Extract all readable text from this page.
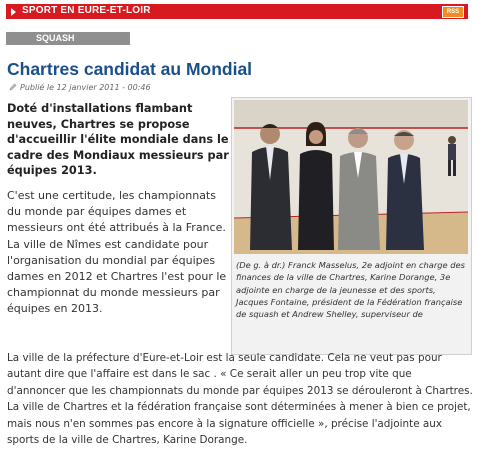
SPORT EN EURE-ET-LOIR	RSS
SQUASH
Chartres candidat au Mondial
Publié le 12 janvier 2011 - 00:46
Doté d'installations flambant neuves, Chartres se propose d'accueillir l'élite mondiale dans le cadre des Mondiaux messieurs par équipes 2013.
C'est une certitude, les championnats du monde par équipes dames et messieurs ont été attribués à la France. La ville de Nîmes est candidate pour l'organisation du mondial par équipes dames en 2012 et Chartres l'est pour le championnat du monde messieurs par équipes en 2013.
(De g. à dr.) Franck Masselus, 2e adjoint en charge des finances de la ville de Chartres, Karine Dorange, 3e adjointe en charge de la jeunesse et des sports, Jacques Fontaine, président de la Fédération française de squash et Andrew Shelley, superviseur de
La ville de la préfecture d'Eure-et-Loir est la seule candidate. Cela ne veut pas pour autant dire que l'affaire est dans le sac . « Ce serait aller un peu trop vite que d'annoncer que les championnats du monde par équipes 2013 se dérouleront à Chartres. La ville de Chartres et la fédération française sont déterminées à mener à bien ce projet, mais nous n'en sommes pas encore à la signature officielle », précise l'adjointe aux sports de la ville de Chartres, Karine Dorange.
